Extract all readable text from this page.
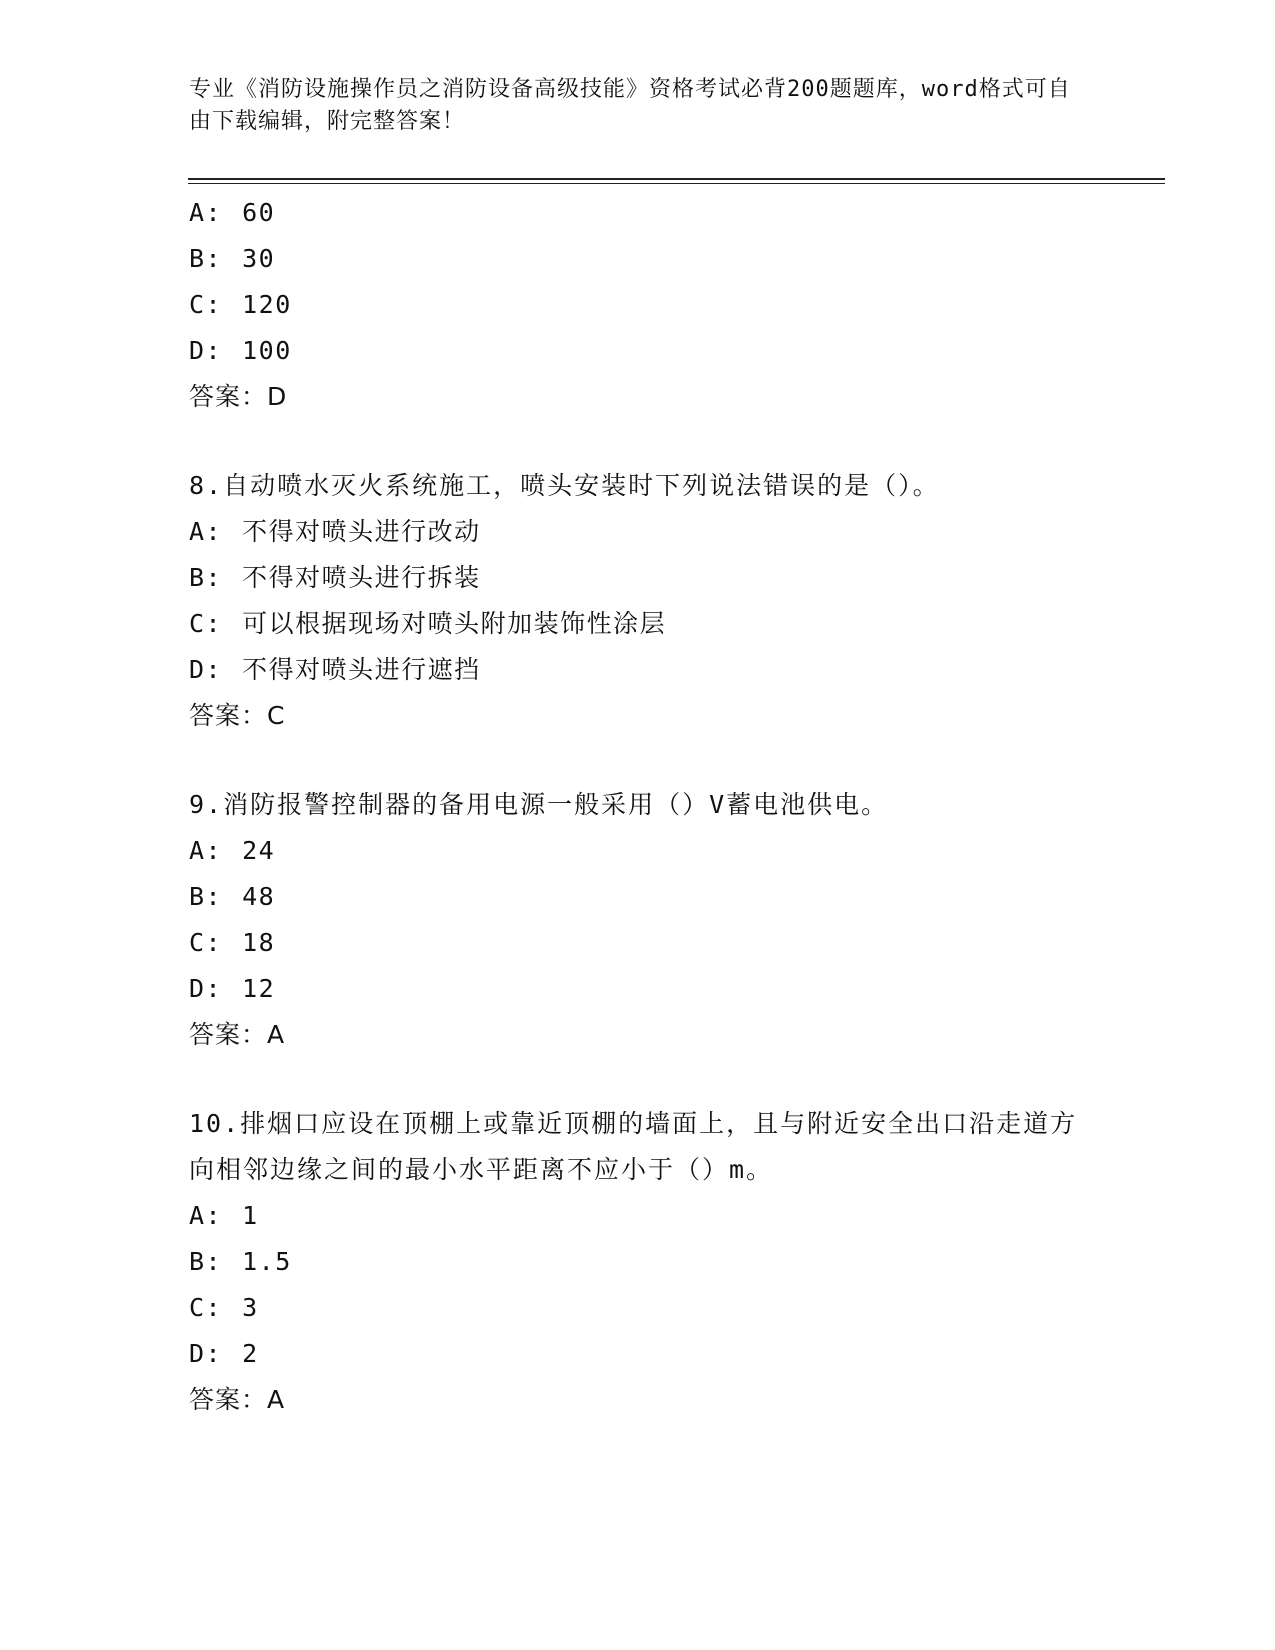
专业《消防设施操作员之消防设备高级技能》资格考试必背200题题库，word格式可自由下载编辑，附完整答案！
A: 60
B: 30
C: 120
D: 100
答案：D
8.自动喷水灭火系统施工，喷头安装时下列说法错误的是（）。
A: 不得对喷头进行改动
B: 不得对喷头进行拆装
C: 可以根据现场对喷头附加装饰性涂层
D: 不得对喷头进行遮挡
答案：C
9.消防报警控制器的备用电源一般采用（）V蓄电池供电。
A: 24
B: 48
C: 18
D: 12
答案：A
10.排烟口应设在顶棚上或靠近顶棚的墙面上，且与附近安全出口沿走道方向相邻边缘之间的最小水平距离不应小于（）m。
A: 1
B: 1.5
C: 3
D: 2
答案：A
